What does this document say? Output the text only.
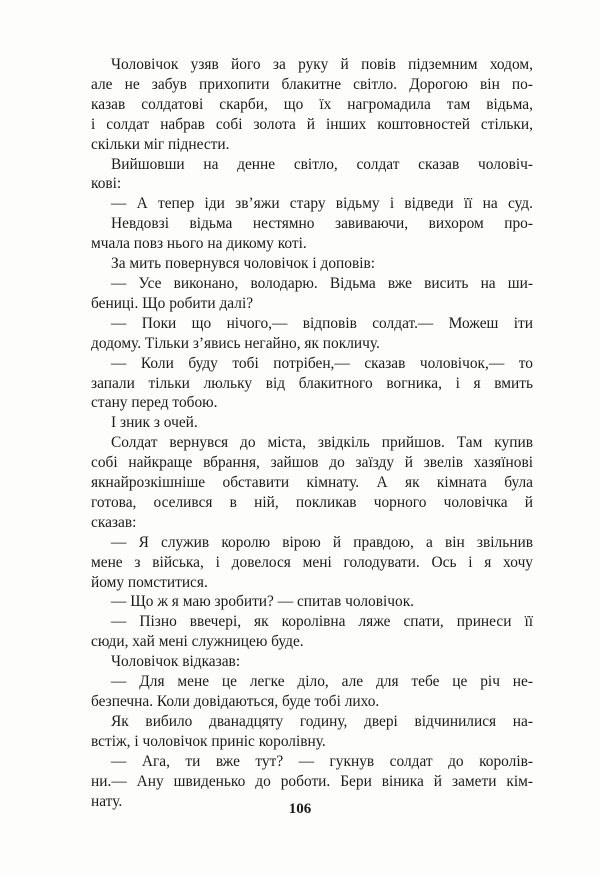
Чоловічок узяв його за руку й повів підземним ходом,
але не забув прихопити блакитне світло. Дорогою він по-
казав солдатові скарби, що їх нагромадила там відьма,
і солдат набрав собі золота й інших коштовностей стільки,
скільки міг піднести.
Вийшовши на денне світло, солдат сказав чоловіч-
кові:
— А тепер іди зв’яжи стару відьму і відведи її на суд.
Невдовзі відьма нестямно завиваючи, вихором про-
мчала повз нього на дикому коті.
За мить повернувся чоловічок і доповів:
— Усе виконано, володарю. Відьма вже висить на ши-
бениці. Що робити далі?
— Поки що нічого,— відповів солдат.— Можеш іти
додому. Тільки з’явись негайно, як покличу.
— Коли буду тобі потрібен,— сказав чоловічок,— то
запали тільки люльку від блакитного вогника, і я вмить
стану перед тобою.
І зник з очей.
Солдат вернувся до міста, звідкіль прийшов. Там купив
собі найкраще вбрання, зайшов до заїзду й звелів хазяїнові
якнайрозкішніше обставити кімнату. А як кімната була
готова, оселився в ній, покликав чорного чоловічка й
сказав:
— Я служив королю вірою й правдою, а він звільнив
мене з війська, і довелося мені голодувати. Ось і я хочу
йому помститися.
— Що ж я маю зробити? — спитав чоловічок.
— Пізно ввечері, як королівна ляже спати, принеси її
сюди, хай мені служницею буде.
Чоловічок відказав:
— Для мене це легке діло, але для тебе це річ не-
безпечна. Коли довідаються, буде тобі лихо.
Як вибило дванадцяту годину, двері відчинилися на-
встіж, і чоловічок приніс королівну.
— Ага, ти вже тут? — гукнув солдат до королів-
ни.— Ану швиденько до роботи. Бери віника й замети кім-
нату.	106
